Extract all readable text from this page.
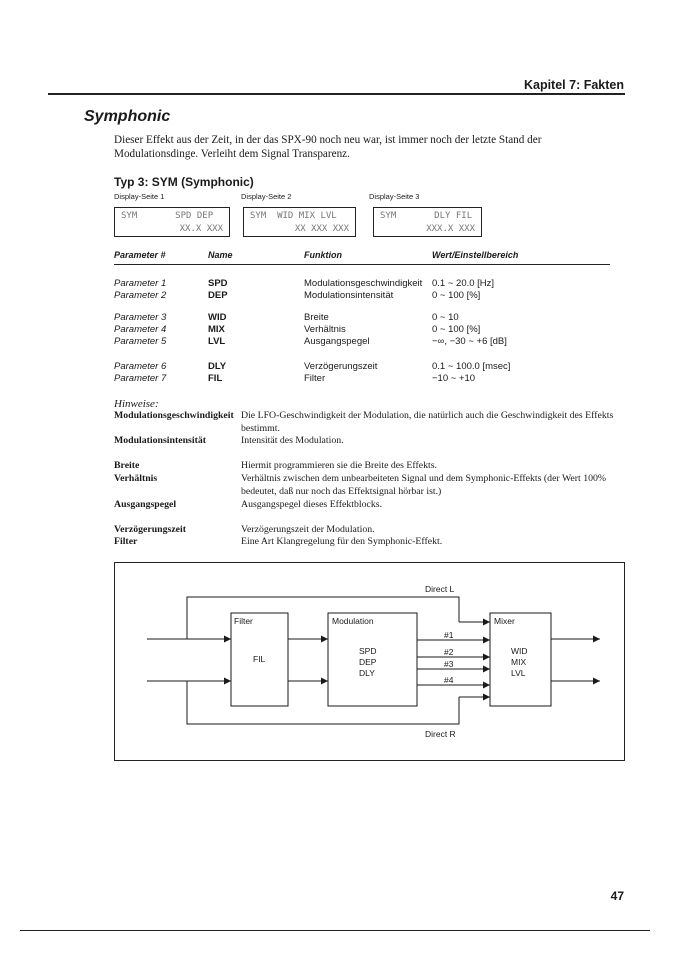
Kapitel 7: Fakten
Symphonic
Dieser Effekt aus der Zeit, in der das SPX-90 noch neu war, ist immer noch der letzte Stand der Modulationsdinge. Verleiht dem Signal Transparenz.
Typ 3: SYM (Symphonic)
Display-Seite 1	Display-Seite 2	Display-Seite 3
SYM       SPD DEP
XX.X XXX
SYM  WID MIX LVL
XX XXX XXX
SYM       DLY FIL
XXX.X XXX
Parameter #	Name	Funktion	Wert/Einstellbereich
Parameter 1	SPD	Modulationsgeschwindigkeit 0.1 ~ 20.0 [Hz]
Parameter 2	DEP	Modulationsintensität	0 ~ 100 [%]
Parameter 3	WID	Breite	0 ~ 10
Parameter 4	MIX	Verhältnis	0 ~ 100 [%]
Parameter 5	LVL	Ausgangspegel	−∞, −30 ~ +6 [dB]
Parameter 6	DLY	Verzögerungszeit	0.1 ~ 100.0 [msec]
Parameter 7	FIL	Filter	−10 ~ +10
Hinweise:
Modulationsgeschwindigkeit Die LFO-Geschwindigkeit der Modulation, die natürlich auch die Geschwindigkeit des Effekts bestimmt.
Modulationsintensität	Intensität des Modulation.
Breite	Hiermit programmieren sie die Breite des Effekts.
Verhältnis	Verhältnis zwischen dem unbearbeiteten Signal und dem Symphonic-Effekts (der Wert 100% bedeutet, daß nur noch das Effektsignal hörbar ist.)
Ausgangspegel	Ausgangspegel dieses Effektblocks.
Verzögerungszeit	Verzögerungszeit der Modulation.
Filter	Eine Art Klangregelung für den Symphonic-Effekt.
Direct L
Direct R
Filter
FIL
Modulation
SPD
DEP
DLY
#1
#2
#3
#4
Mixer
WID
MIX
LVL
47
